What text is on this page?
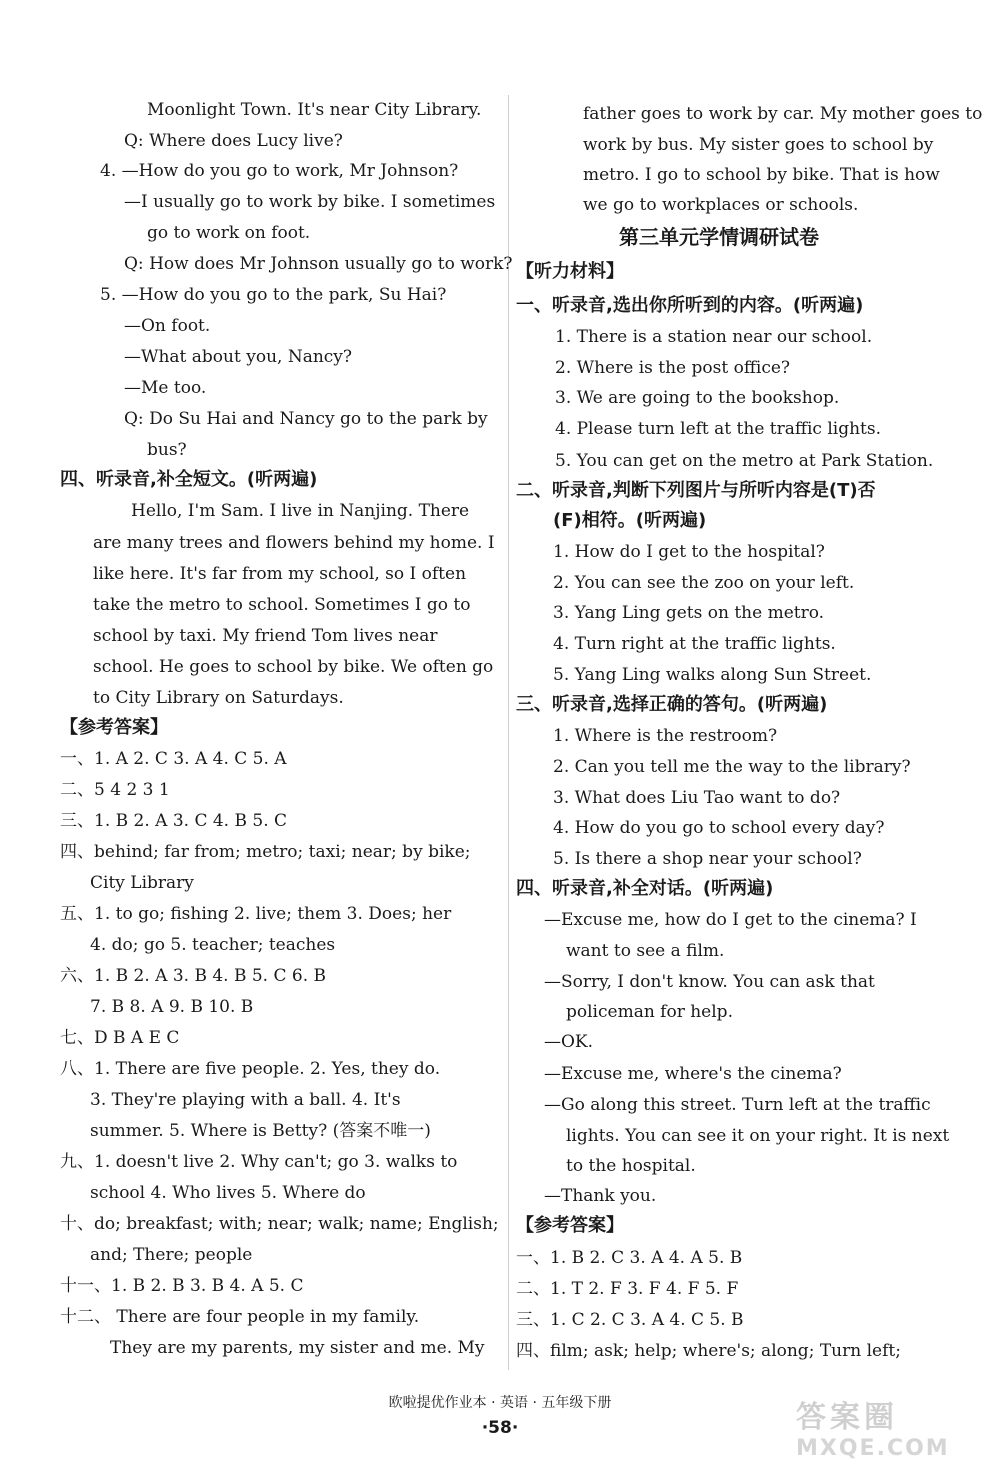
Moonlight Town. It's near City Library.
Q: Where does Lucy live?
4. —How do you go to work, Mr Johnson?
—I usually go to work by bike. I sometimes
go to work on foot.
Q: How does Mr Johnson usually go to work?
5. —How do you go to the park, Su Hai?
—On foot.
—What about you, Nancy?
—Me too.
Q: Do Su Hai and Nancy go to the park by
bus?
四、听录音,补全短文。(听两遍)
Hello, I'm Sam. I live in Nanjing. There
are many trees and flowers behind my home. I
like here. It's far from my school, so I often
take the metro to school. Sometimes I go to
school by taxi. My friend Tom lives near
school. He goes to school by bike. We often go
to City Library on Saturdays.
【参考答案】
一、1. A 2. C 3. A 4. C 5. A
二、5 4 2 3 1
三、1. B 2. A 3. C 4. B 5. C
四、behind; far from; metro; taxi; near; by bike;
City Library
五、1. to go; fishing 2. live; them 3. Does; her
4. do; go 5. teacher; teaches
六、1. B 2. A 3. B 4. B 5. C 6. B
7. B 8. A 9. B 10. B
七、D B A E C
八、1. There are five people. 2. Yes, they do.
3. They're playing with a ball. 4. It's
summer. 5. Where is Betty? (答案不唯一)
九、1. doesn't live 2. Why can't; go 3. walks to
school 4. Who lives 5. Where do
十、do; breakfast; with; near; walk; name; English;
and; There; people
十一、1. B 2. B 3. B 4. A 5. C
十二、 There are four people in my family.
They are my parents, my sister and me. My
father goes to work by car. My mother goes to
work by bus. My sister goes to school by
metro. I go to school by bike. That is how
we go to workplaces or schools.
第三单元学情调研试卷
【听力材料】
一、听录音,选出你所听到的内容。(听两遍)
1. There is a station near our school.
2. Where is the post office?
3. We are going to the bookshop.
4. Please turn left at the traffic lights.
5. You can get on the metro at Park Station.
二、听录音,判断下列图片与所听内容是(T)否
(F)相符。(听两遍)
1. How do I get to the hospital?
2. You can see the zoo on your left.
3. Yang Ling gets on the metro.
4. Turn right at the traffic lights.
5. Yang Ling walks along Sun Street.
三、听录音,选择正确的答句。(听两遍)
1. Where is the restroom?
2. Can you tell me the way to the library?
3. What does Liu Tao want to do?
4. How do you go to school every day?
5. Is there a shop near your school?
四、听录音,补全对话。(听两遍)
—Excuse me, how do I get to the cinema? I
want to see a film.
—Sorry, I don't know. You can ask that
policeman for help.
—OK.
—Excuse me, where's the cinema?
—Go along this street. Turn left at the traffic
lights. You can see it on your right. It is next
to the hospital.
—Thank you.
【参考答案】
一、1. B 2. C 3. A 4. A 5. B
二、1. T 2. F 3. F 4. F 5. F
三、1. C 2. C 3. A 4. C 5. B
四、film; ask; help; where's; along; Turn left;
欧啦提优作业本 · 英语 · 五年级下册
·58·	答案圈
MXQE.COM
